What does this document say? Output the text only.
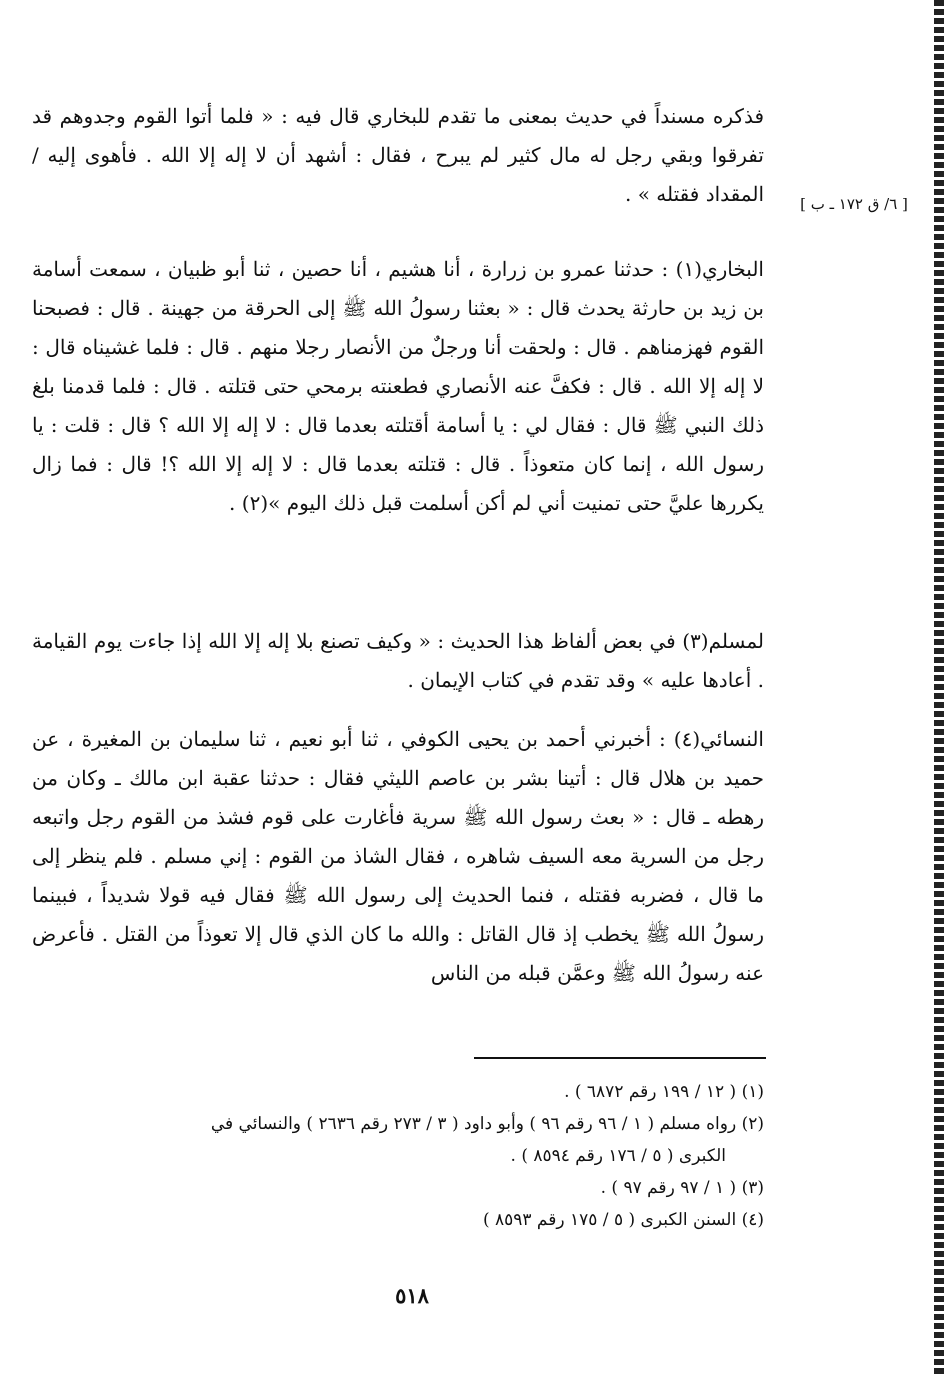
[ ٦/ ق ١٧٢ ـ ب ]

فذكره مسنداً في حديث بمعنى ما تقدم للبخاري قال فيه : « فلما أتوا القوم وجدوهم قد تفرقوا وبقي رجل له مال كثير لم يبرح ، فقال : أشهد أن لا إله إلا الله . فأهوى إليه / المقداد فقتله » .

البخاري(١) : حدثنا عمرو بن زرارة ، أنا هشيم ، أنا حصين ، ثنا أبو ظبيان ، سمعت أسامة بن زيد بن حارثة يحدث قال : « بعثنا رسولُ الله ﷺ إلى الحرقة من جهينة . قال : فصبحنا القوم فهزمناهم . قال : ولحقت أنا ورجلٌ من الأنصار رجلا منهم . قال : فلما غشيناه قال : لا إله إلا الله . قال : فكفَّ عنه الأنصاري فطعنته برمحي حتى قتلته . قال : فلما قدمنا بلغ ذلك النبي ﷺ قال : فقال لي : يا أسامة أقتلته بعدما قال : لا إله إلا الله ؟ قال : قلت : يا رسول الله ، إنما كان متعوذاً . قال : قتلته بعدما قال : لا إله إلا الله ؟! قال : فما زال يكررها عليَّ حتى تمنيت أني لم أكن أسلمت قبل ذلك اليوم »(٢) .

لمسلم(٣) في بعض ألفاظ هذا الحديث : « وكيف تصنع بلا إله إلا الله إذا جاءت يوم القيامة . أعادها عليه » وقد تقدم في كتاب الإيمان .

النسائي(٤) : أخبرني أحمد بن يحيى الكوفي ، ثنا أبو نعيم ، ثنا سليمان بن المغيرة ، عن حميد بن هلال قال : أتينا بشر بن عاصم الليثي فقال : حدثنا عقبة ابن مالك ـ وكان من رهطه ـ قال : « بعث رسول الله ﷺ سرية فأغارت على قوم فشذ من القوم رجل واتبعه رجل من السرية معه السيف شاهره ، فقال الشاذ من القوم : إني مسلم . فلم ينظر إلى ما قال ، فضربه فقتله ، فنما الحديث إلى رسول الله ﷺ فقال فيه قولا شديداً ، فبينما رسولُ الله ﷺ يخطب إذ قال القاتل : والله ما كان الذي قال إلا تعوذاً من القتل . فأعرض عنه رسولُ الله ﷺ وعمَّن قبله من الناس

(١) ( ١٢ / ١٩٩ رقم ٦٨٧٢ ) .
(٢) رواه مسلم ( ١ / ٩٦ رقم ٩٦ ) وأبو داود ( ٣ / ٢٧٣ رقم ٢٦٣٦ ) والنسائي في
الكبرى ( ٥ / ١٧٦ رقم ٨٥٩٤ ) .
(٣) ( ١ / ٩٧ رقم ٩٧ ) .
(٤) السنن الكبرى ( ٥ / ١٧٥ رقم ٨٥٩٣ )
٥١٨
